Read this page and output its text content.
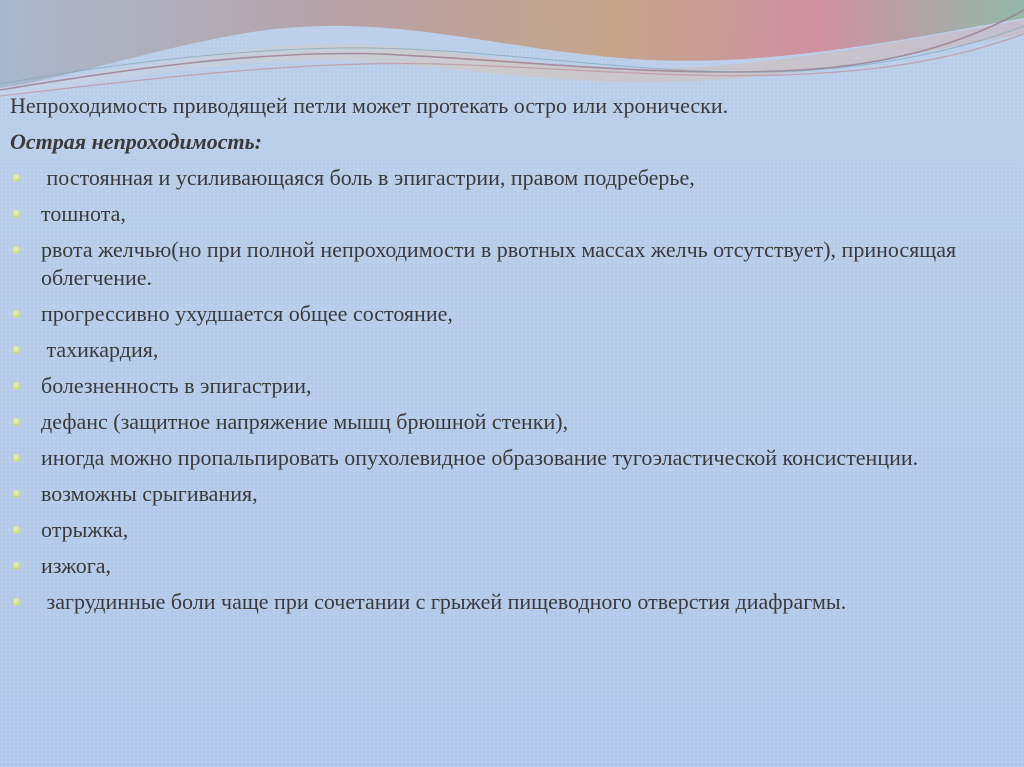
Непроходимость приводящей петли может протекать остро или хронически.

Острая непроходимость:

постоянная и усиливающаяся боль в эпигастрии, правом подреберье,
тошнота,
рвота желчью(но при полной непроходимости в рвотных массах желчь отсутствует), приносящая облегчение.
прогрессивно ухудшается общее состояние,
тахикардия,
болезненность в эпигастрии,
дефанс (защитное напряжение мышц брюшной стенки),
иногда можно пропальпировать опухолевидное образование тугоэластической консистенции.
возможны срыгивания,
отрыжка,
изжога,
загрудинные боли чаще при сочетании с грыжей пищеводного отверстия диафрагмы.
